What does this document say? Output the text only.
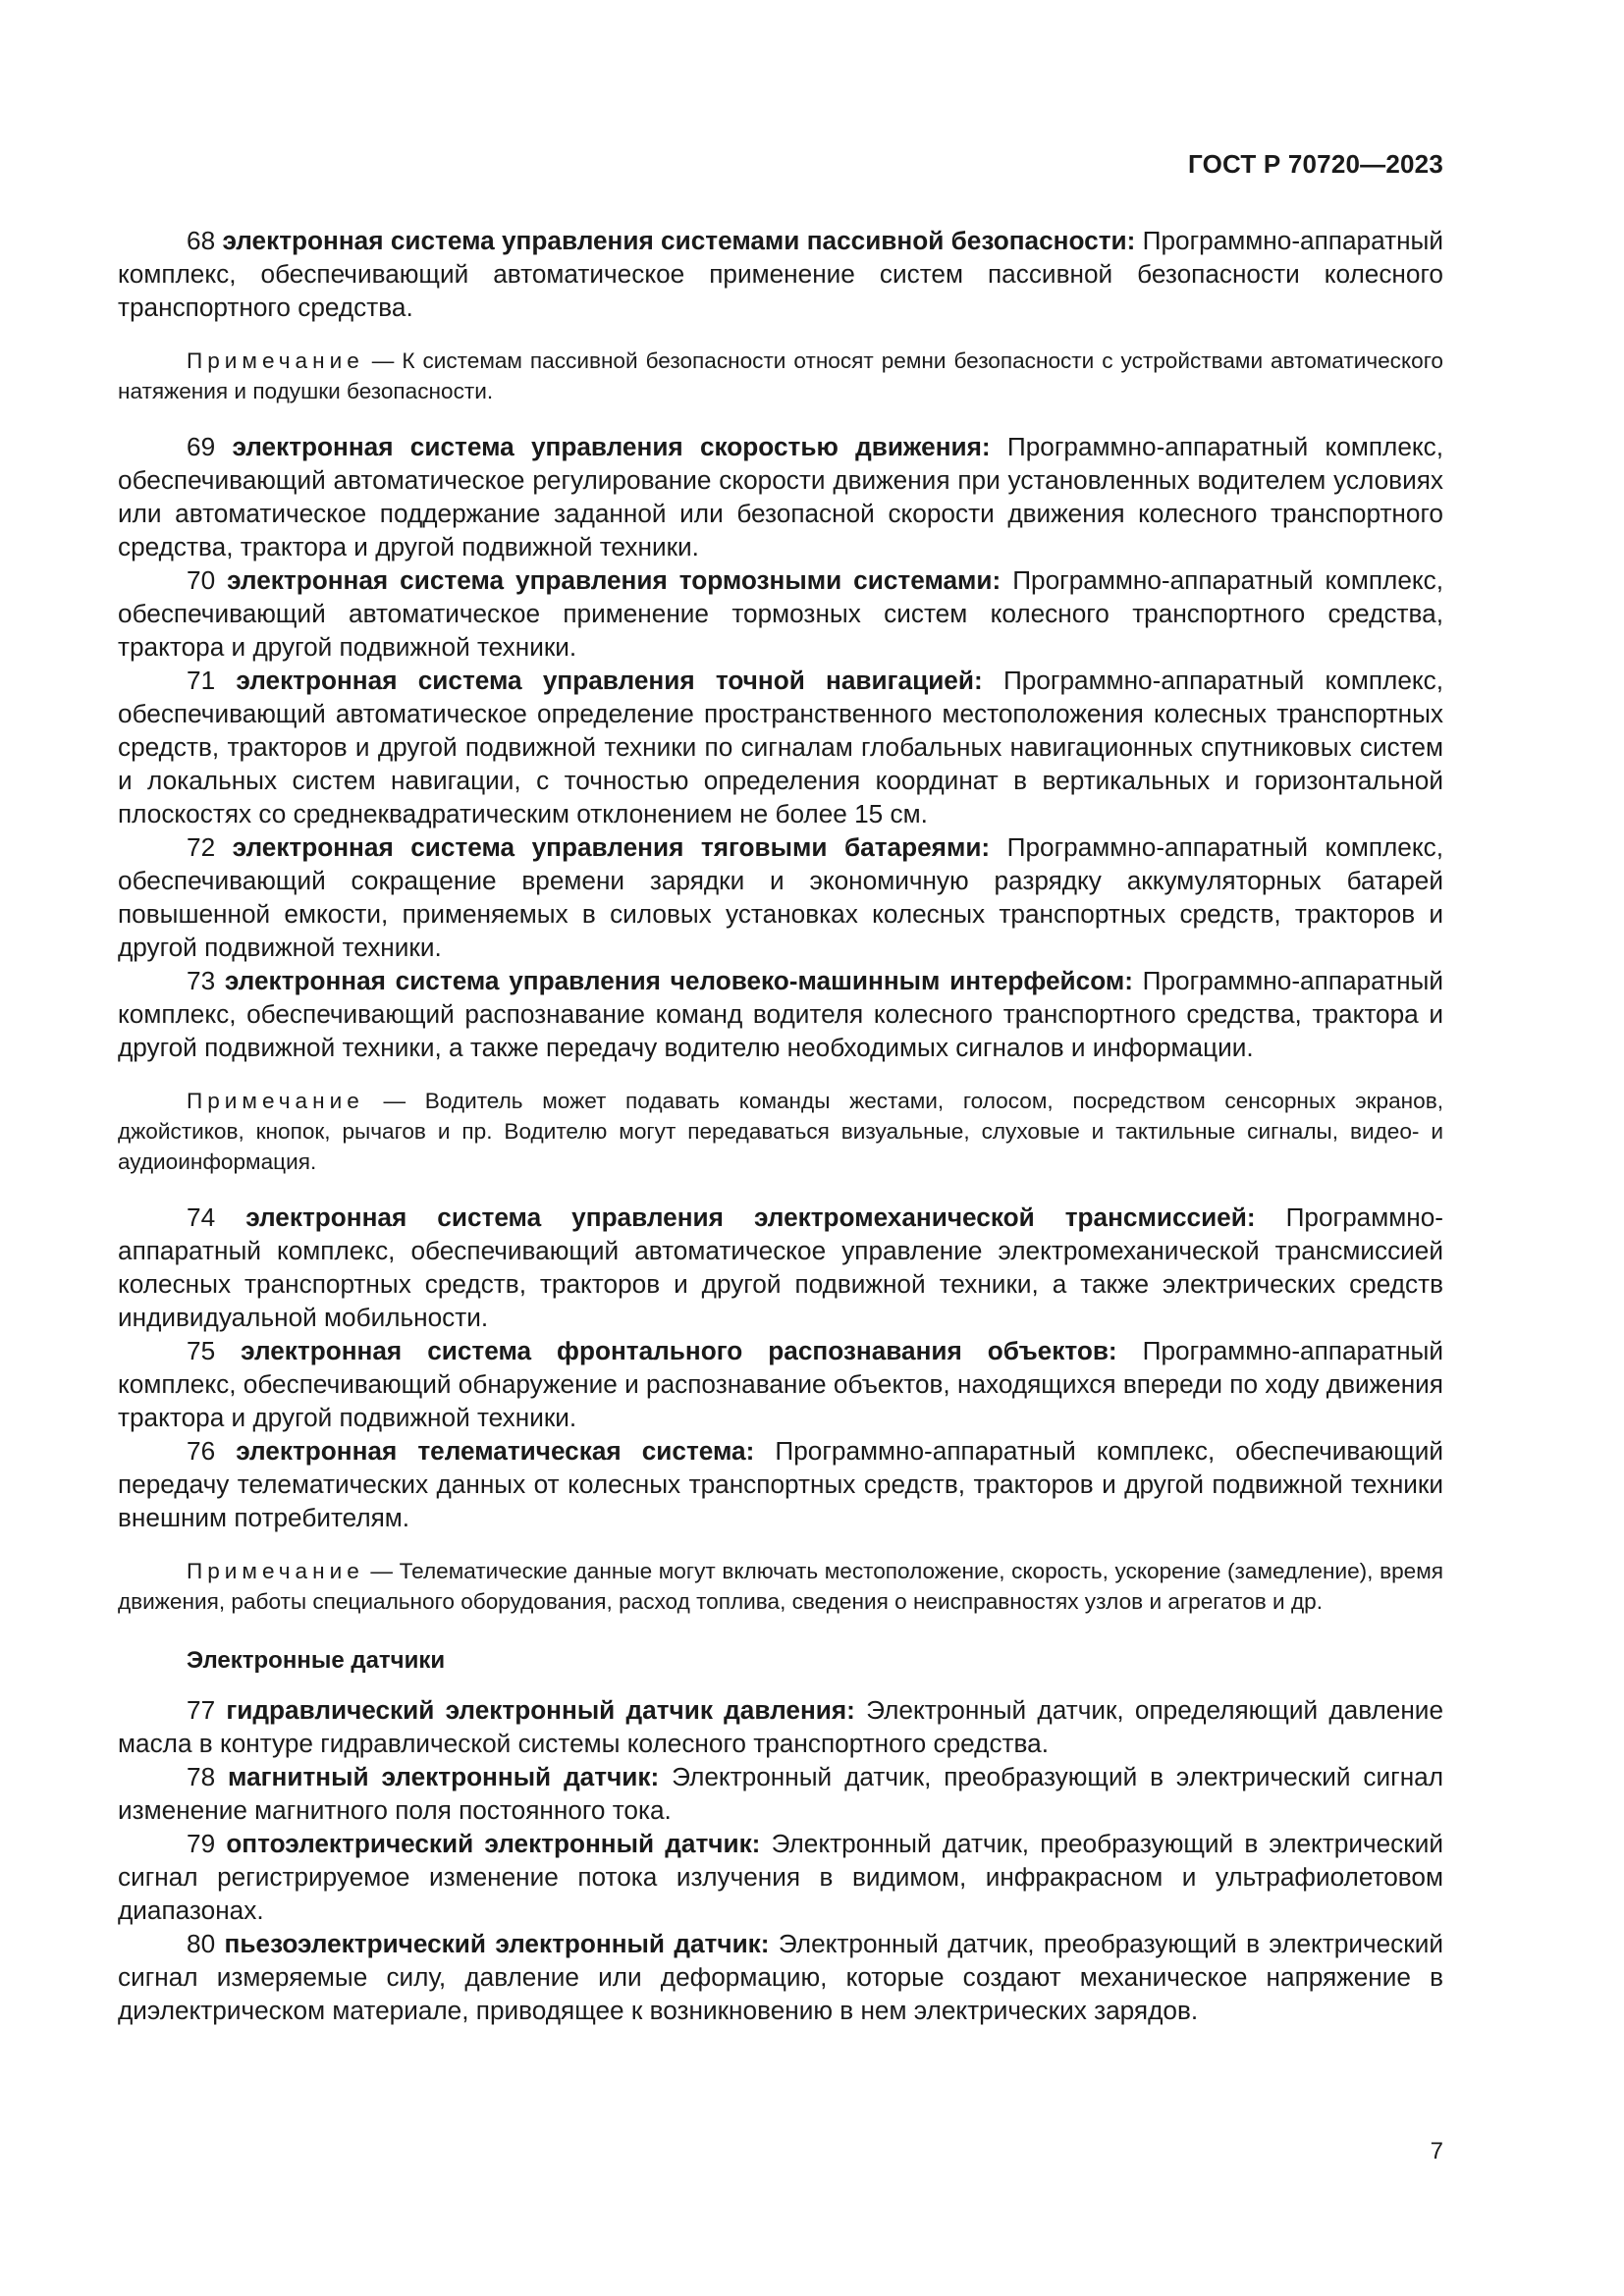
ГОСТ Р 70720—2023

68 электронная система управления системами пассивной безопасности: Программно-аппаратный комплекс, обеспечивающий автоматическое применение систем пассивной безопасности колесного транспортного средства.

Примечание — К системам пассивной безопасности относят ремни безопасности с устройствами автоматического натяжения и подушки безопасности.

69 электронная система управления скоростью движения: Программно-аппаратный комплекс, обеспечивающий автоматическое регулирование скорости движения при установленных водителем условиях или автоматическое поддержание заданной или безопасной скорости движения колесного транспортного средства, трактора и другой подвижной техники.

70 электронная система управления тормозными системами: Программно-аппаратный комплекс, обеспечивающий автоматическое применение тормозных систем колесного транспортного средства, трактора и другой подвижной техники.

71 электронная система управления точной навигацией: Программно-аппаратный комплекс, обеспечивающий автоматическое определение пространственного местоположения колесных транспортных средств, тракторов и другой подвижной техники по сигналам глобальных навигационных спутниковых систем и локальных систем навигации, с точностью определения координат в вертикальных и горизонтальной плоскостях со среднеквадратическим отклонением не более 15 см.

72 электронная система управления тяговыми батареями: Программно-аппаратный комплекс, обеспечивающий сокращение времени зарядки и экономичную разрядку аккумуляторных батарей повышенной емкости, применяемых в силовых установках колесных транспортных средств, тракторов и другой подвижной техники.

73 электронная система управления человеко-машинным интерфейсом: Программно-аппаратный комплекс, обеспечивающий распознавание команд водителя колесного транспортного средства, трактора и другой подвижной техники, а также передачу водителю необходимых сигналов и информации.

Примечание — Водитель может подавать команды жестами, голосом, посредством сенсорных экранов, джойстиков, кнопок, рычагов и пр. Водителю могут передаваться визуальные, слуховые и тактильные сигналы, видео- и аудиоинформация.

74 электронная система управления электромеханической трансмиссией: Программно-аппаратный комплекс, обеспечивающий автоматическое управление электромеханической трансмиссией колесных транспортных средств, тракторов и другой подвижной техники, а также электрических средств индивидуальной мобильности.

75 электронная система фронтального распознавания объектов: Программно-аппаратный комплекс, обеспечивающий обнаружение и распознавание объектов, находящихся впереди по ходу движения трактора и другой подвижной техники.

76 электронная телематическая система: Программно-аппаратный комплекс, обеспечивающий передачу телематических данных от колесных транспортных средств, тракторов и другой подвижной техники внешним потребителям.

Примечание — Телематические данные могут включать местоположение, скорость, ускорение (замедление), время движения, работы специального оборудования, расход топлива, сведения о неисправностях узлов и агрегатов и др.

Электронные датчики

77 гидравлический электронный датчик давления: Электронный датчик, определяющий давление масла в контуре гидравлической системы колесного транспортного средства.

78 магнитный электронный датчик: Электронный датчик, преобразующий в электрический сигнал изменение магнитного поля постоянного тока.

79 оптоэлектрический электронный датчик: Электронный датчик, преобразующий в электрический сигнал регистрируемое изменение потока излучения в видимом, инфракрасном и ультрафиолетовом диапазонах.

80 пьезоэлектрический электронный датчик: Электронный датчик, преобразующий в электрический сигнал измеряемые силу, давление или деформацию, которые создают механическое напряжение в диэлектрическом материале, приводящее к возникновению в нем электрических зарядов.

7
